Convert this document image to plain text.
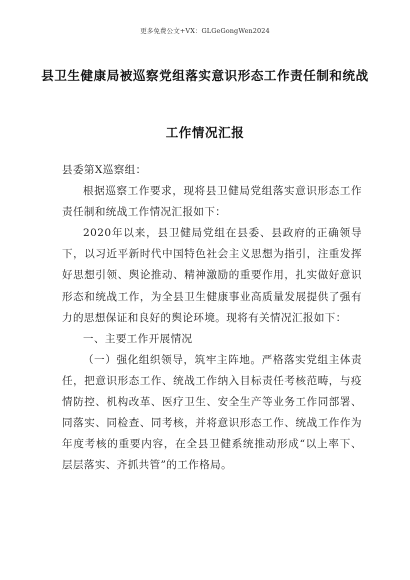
更多免费公文+VX：GLGeGongWen2024
县卫生健康局被巡察党组落实意识形态工作责任制和统战
工作情况汇报

县委第X巡察组：

根据巡察工作要求，现将县卫健局党组落实意识形态工作责任制和统战工作情况汇报如下：

2020年以来，县卫健局党组在县委、县政府的正确领导下，以习近平新时代中国特色社会主义思想为指引，注重发挥好思想引领、舆论推动、精神激励的重要作用，扎实做好意识形态和统战工作，为全县卫生健康事业高质量发展提供了强有力的思想保证和良好的舆论环境。现将有关情况汇报如下：

一、主要工作开展情况

（一）强化组织领导，筑牢主阵地。严格落实党组主体责任，把意识形态工作、统战工作纳入目标责任考核范畴，与疫情防控、机构改革、医疗卫生、安全生产等业务工作同部署、同落实、同检查、同考核，并将意识形态工作、统战工作作为年度考核的重要内容，在全县卫健系统推动形成“以上率下、层层落实、齐抓共管”的工作格局。
